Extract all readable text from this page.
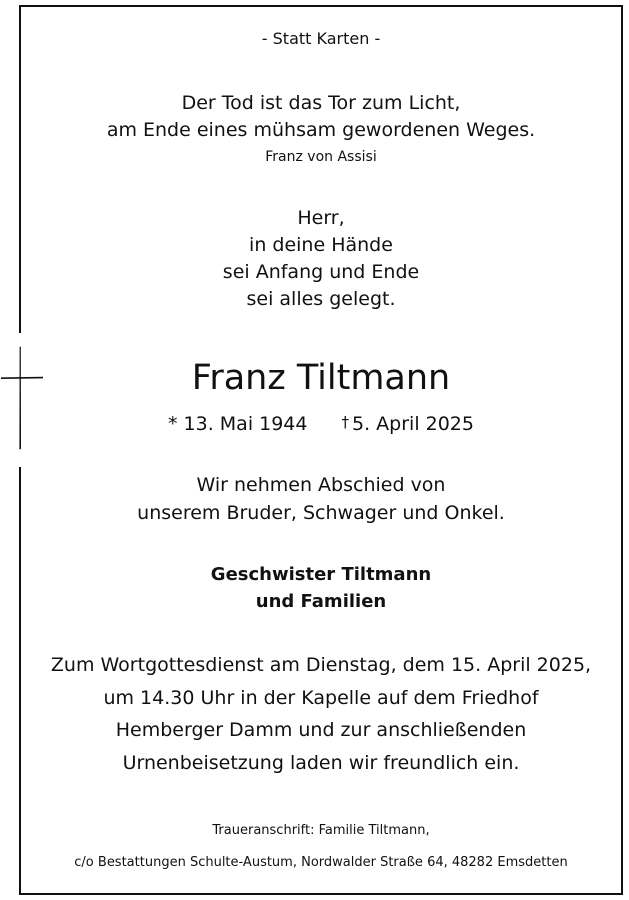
- Statt Karten -
Der Tod ist das Tor zum Licht,
am Ende eines mühsam gewordenen Weges.
Franz von Assisi
Herr,
in deine Hände
sei Anfang und Ende
sei alles gelegt.
Franz Tiltmann
* 13. Mai 1944 † 5. April 2025
Wir nehmen Abschied von
unserem Bruder, Schwager und Onkel.
Geschwister Tiltmann
und Familien
Zum Wortgottesdienst am Dienstag, dem 15. April 2025,
um 14.30 Uhr in der Kapelle auf dem Friedhof
Hemberger Damm und zur anschließenden
Urnenbeisetzung laden wir freundlich ein.
Traueranschrift: Familie Tiltmann,
c/o Bestattungen Schulte-Austum, Nordwalder Straße 64, 48282 Emsdetten
